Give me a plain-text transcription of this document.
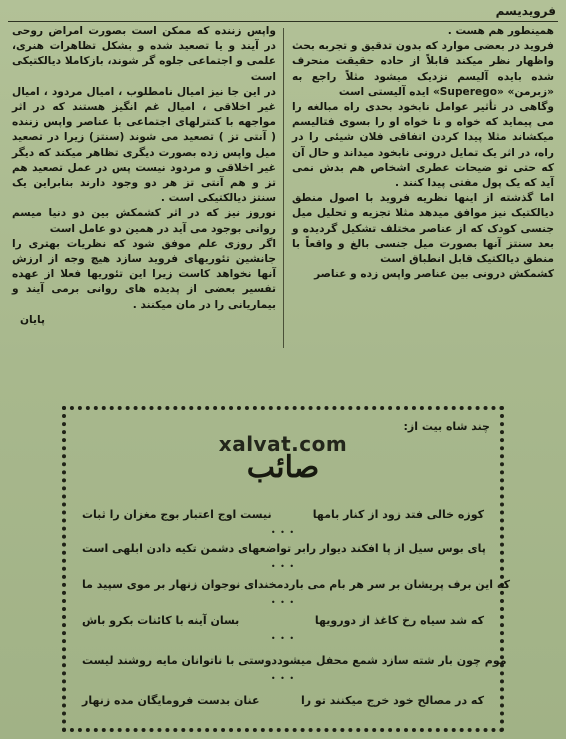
فرویدیسم

همینطور هم هست .

فروید در بعضی موارد که بدون تدقیق و تجربه بحث واظهار نظر میکند قابلاً از حاده حقیقت منحرف شده بایده آلیسم نزدیک میشود مثلاً راجع به «زبرمن» «Superego» ایده آلیستی است

وگاهی در تأثیر عوامل نابخود بحدی راه مبالغه را می پیماید که خواه و نا خواه او را بسوی فتالیسم میکشاند مثلا پیدا کردن اتفاقی فلان شیئی را در راه، در اثر یک تمایل درونی نابخود میداند و حال آن که حتی تو ضیحات عطری اشخاص هم بدش نمی آید که یک پول مفتی پیدا کنند .

اما گذشته از اینها نظریه فروید با اصول منطق دیالکتیک نیز موافق میدهد مثلا تجزیه و تحلیل میل جنسی کودک که از عناصر مختلف تشکیل گردیده و بعد سنتز آنها بصورت میل جنسی بالغ و واقعاً با منطق دیالکتیک قابل انطباق است

کشمکش درونی بین عناصر واپس زده و عناصر

واپس زننده که ممکن است بصورت امراض روحی در آیند و یا تصعید شده و بشکل تظاهرات هنری، علمی و اجتماعی جلوه گر شوند، بازکاملا دیالکتیکی است

در این جا نیز امیال نامطلوب ، امیال مردود ، امیال غیر اخلاقی ، امیال غم انگیز هستند که در اثر مواجهه با کنترلهای اجتماعی با عناصر واپس زننده ( آنتی تز ) تصعید می شوند (سنتز) زیرا در تصعید میل واپس زده بصورت دیگری تظاهر میکند که دیگر غیر اخلاقی و مردود نیست پس در عمل تصعید هم تز و هم آنتی تز هر دو وجود دارند بنابراین یک سنتز دیالکتیکی است .

نوروز نیز که در اثر کشمکش بین دو دنیا میسم روانی بوجود می آید در همین دو عامل است

اگر روزی علم موفق شود که نظریات بهتری را جانشین تئوریهای فروید سازد هیچ وجه از ارزش آنها نخواهد کاست زیرا این تئوریها فعلا از عهده تفسیر بعضی از پدیده های روانی برمی آیند و بیماریانی را در مان میکنند .

پایان

xalvat.com
چند شاه بیت از:
صائب
نیست اوج اعتبار بوج مغزان را ثبات	کوزه خالی فتد زود از کنار بامها
• • •
بر تواضعهای دشمن تکیه دادن ابلهی است پای بوس سیل از پا افکند دیوار را
• • •
مخندای نوجوان زنهار بر موی سپید ما که این برف پریشان بر سر هر بام می بارد
• • •
بسان آینه با کائنات بکرو باش	که شد سیاه رخ کاغذ از دورویها
• • •
دوستی با ناتوانان مایه روشند لیست موم چون بار شته سازد شمع محفل میشود
• • •
عنان بدست فرومایگان مده زنهار	که در مصالح خود خرج میکنند تو را
